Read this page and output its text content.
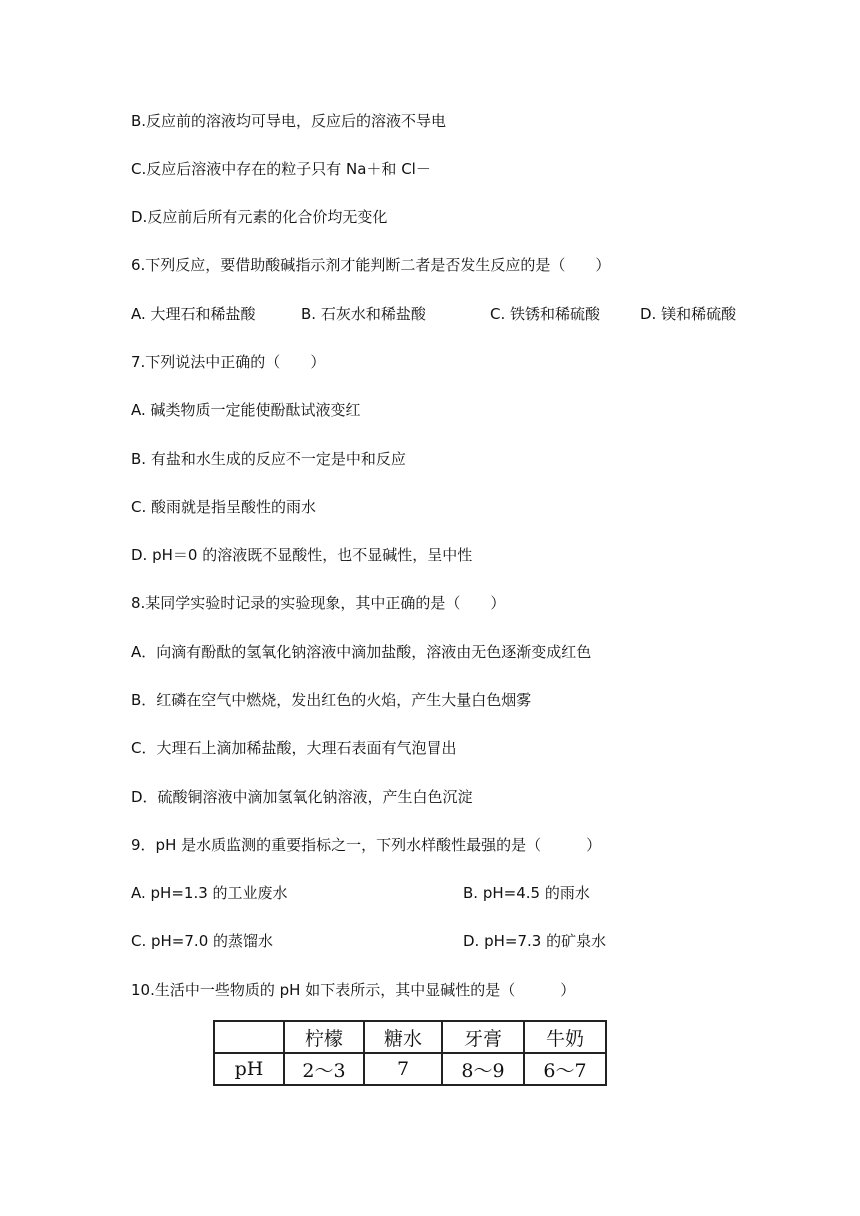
B.反应前的溶液均可导电，反应后的溶液不导电
C.反应后溶液中存在的粒子只有 Na＋和 Cl－
D.反应前后所有元素的化合价均无变化
6.下列反应，要借助酸碱指示剂才能判断二者是否发生反应的是（　　）
A. 大理石和稀盐酸	B. 石灰水和稀盐酸	C. 铁锈和稀硫酸	D. 镁和稀硫酸
7.下列说法中正确的（　　）
A. 碱类物质一定能使酚酞试液变红
B. 有盐和水生成的反应不一定是中和反应
C. 酸雨就是指呈酸性的雨水
D. pH＝0 的溶液既不显酸性，也不显碱性，呈中性
8.某同学实验时记录的实验现象，其中正确的是（　　）
A．向滴有酚酞的氢氧化钠溶液中滴加盐酸，溶液由无色逐渐变成红色
B．红磷在空气中燃烧，发出红色的火焰，产生大量白色烟雾
C．大理石上滴加稀盐酸，大理石表面有气泡冒出
D．硫酸铜溶液中滴加氢氧化钠溶液，产生白色沉淀
9．pH 是水质监测的重要指标之一，下列水样酸性最强的是（　　　）
A. pH=1.3 的工业废水	B. pH=4.5 的雨水
C. pH=7.0 的蒸馏水	D. pH=7.3 的矿泉水
10.生活中一些物质的 pH 如下表所示，其中显碱性的是（　　　）
	柠檬	糖水	牙膏	牛奶
pH	2～3	7	8～9	6～7
